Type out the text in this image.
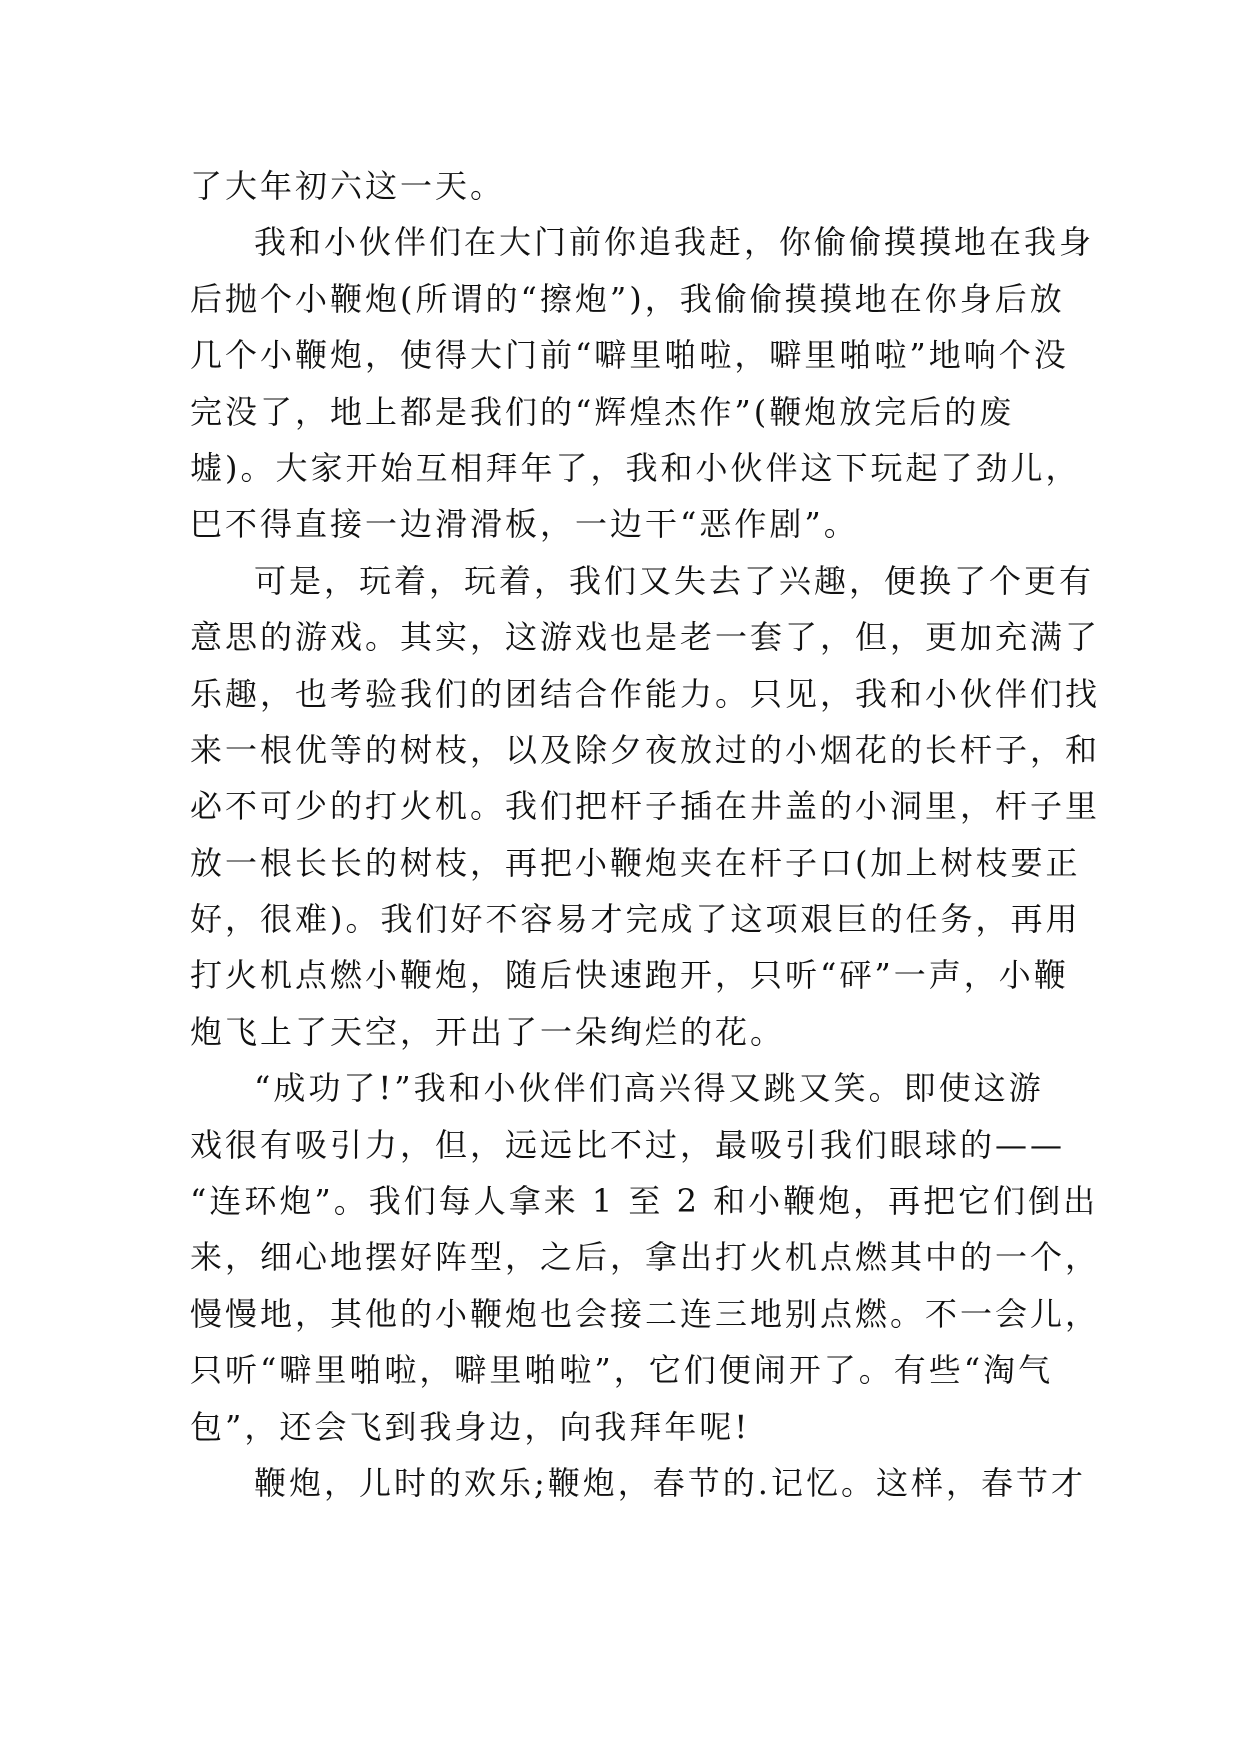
了大年初六这一天。
我和小伙伴们在大门前你追我赶，你偷偷摸摸地在我身
后抛个小鞭炮(所谓的“擦炮”)，我偷偷摸摸地在你身后放
几个小鞭炮，使得大门前“噼里啪啦，噼里啪啦”地响个没
完没了，地上都是我们的“辉煌杰作”(鞭炮放完后的废
墟)。大家开始互相拜年了，我和小伙伴这下玩起了劲儿，
巴不得直接一边滑滑板，一边干“恶作剧”。
可是，玩着，玩着，我们又失去了兴趣，便换了个更有
意思的游戏。其实，这游戏也是老一套了，但，更加充满了
乐趣，也考验我们的团结合作能力。只见，我和小伙伴们找
来一根优等的树枝，以及除夕夜放过的小烟花的长杆子，和
必不可少的打火机。我们把杆子插在井盖的小洞里，杆子里
放一根长长的树枝，再把小鞭炮夹在杆子口(加上树枝要正
好，很难)。我们好不容易才完成了这项艰巨的任务，再用
打火机点燃小鞭炮，随后快速跑开，只听“砰”一声，小鞭
炮飞上了天空，开出了一朵绚烂的花。
“成功了!”我和小伙伴们高兴得又跳又笑。即使这游
戏很有吸引力，但，远远比不过，最吸引我们眼球的——
“连环炮”。我们每人拿来 1 至 2 和小鞭炮，再把它们倒出
来，细心地摆好阵型，之后，拿出打火机点燃其中的一个，
慢慢地，其他的小鞭炮也会接二连三地别点燃。不一会儿，
只听“噼里啪啦，噼里啪啦”，它们便闹开了。有些“淘气
包”，还会飞到我身边，向我拜年呢!
鞭炮，儿时的欢乐;鞭炮，春节的.记忆。这样，春节才
